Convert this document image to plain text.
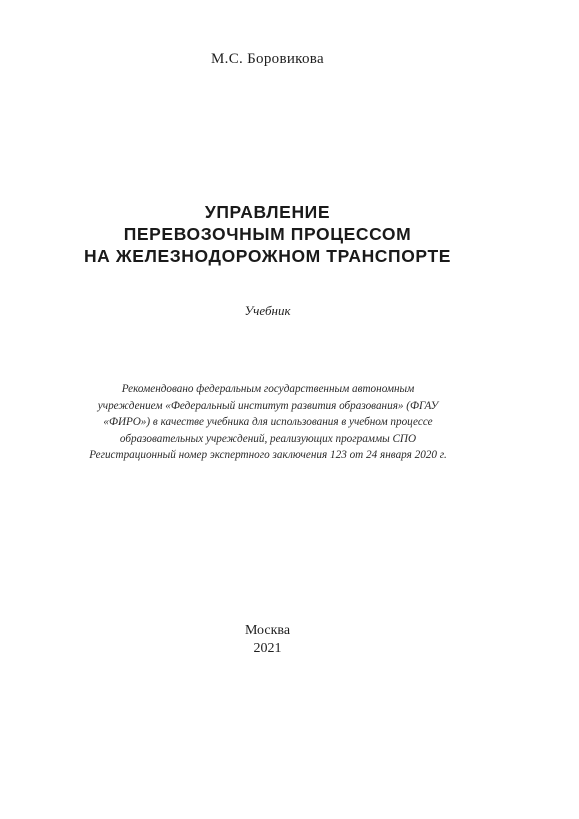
М.С. Боровикова
УПРАВЛЕНИЕ
ПЕРЕВОЗОЧНЫМ ПРОЦЕССОМ
НА ЖЕЛЕЗНОДОРОЖНОМ ТРАНСПОРТЕ
Учебник
Рекомендовано федеральным государственным автономным
учреждением «Федеральный институт развития образования» (ФГАУ
«ФИРО») в качестве учебника для использования в учебном процессе
образовательных учреждений, реализующих программы СПО
Регистрационный номер экспертного заключения 123 от 24 января 2020 г.
Москва
2021
